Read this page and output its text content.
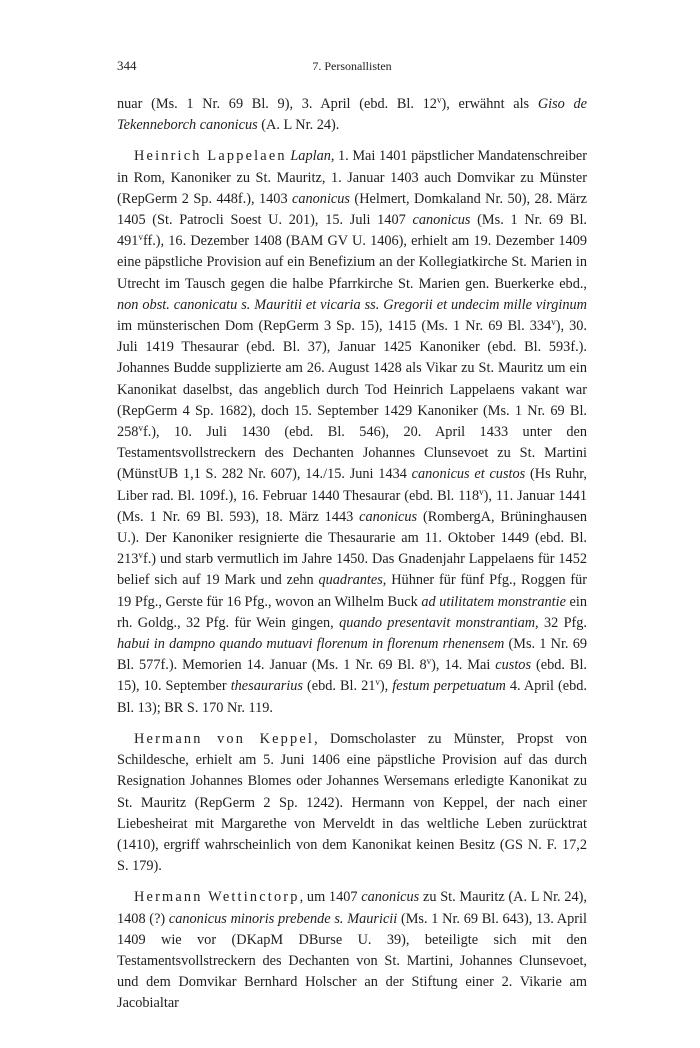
344	7. Personallisten

nuar (Ms. 1 Nr. 69 Bl. 9), 3. April (ebd. Bl. 12$^v$), erwähnt als Giso de Tekenneborch canonicus (A. L Nr. 24).

Heinrich Lappelaen Laplan, 1. Mai 1401 päpstlicher Mandatenschreiber in Rom, Kanoniker zu St. Mauritz, 1. Januar 1403 auch Domvikar zu Münster (RepGerm 2 Sp. 448f.), 1403 canonicus (Helmert, Domkaland Nr. 50), 28. März 1405 (St. Patrocli Soest U. 201), 15. Juli 1407 canonicus (Ms. 1 Nr. 69 Bl. 491$^v$ff.), 16. Dezember 1408 (BAM GV U. 1406), erhielt am 19. Dezember 1409 eine päpstliche Provision auf ein Benefizium an der Kollegiatkirche St. Marien in Utrecht im Tausch gegen die halbe Pfarrkirche St. Marien gen. Buerkerke ebd., non obst. canonicatu s. Mauritii et vicaria ss. Gregorii et undecim mille virginum im münsterischen Dom (RepGerm 3 Sp. 15), 1415 (Ms. 1 Nr. 69 Bl. 334$^v$), 30. Juli 1419 Thesaurar (ebd. Bl. 37), Januar 1425 Kanoniker (ebd. Bl. 593f.). Johannes Budde supplizierte am 26. August 1428 als Vikar zu St. Mauritz um ein Kanonikat daselbst, das angeblich durch Tod Heinrich Lappelaens vakant war (RepGerm 4 Sp. 1682), doch 15. September 1429 Kanoniker (Ms. 1 Nr. 69 Bl. 258$^v$f.), 10. Juli 1430 (ebd. Bl. 546), 20. April 1433 unter den Testamentsvollstreckern des Dechanten Johannes Clunsevoet zu St. Martini (MünstUB 1,1 S. 282 Nr. 607), 14./15. Juni 1434 canonicus et custos (Hs Ruhr, Liber rad. Bl. 109f.), 16. Februar 1440 Thesaurar (ebd. Bl. 118$^v$), 11. Januar 1441 (Ms. 1 Nr. 69 Bl. 593), 18. März 1443 canonicus (RombergA, Brüninghausen U.). Der Kanoniker resignierte die Thesaurarie am 11. Oktober 1449 (ebd. Bl. 213$^v$f.) und starb vermutlich im Jahre 1450. Das Gnadenjahr Lappelaens für 1452 belief sich auf 19 Mark und zehn quadrantes, Hühner für fünf Pfg., Roggen für 19 Pfg., Gerste für 16 Pfg., wovon an Wilhelm Buck ad utilitatem monstrantie ein rh. Goldg., 32 Pfg. für Wein gingen, quando presentavit monstrantiam, 32 Pfg. habui in dampno quando mutuavi florenum in florenum rhenensem (Ms. 1 Nr. 69 Bl. 577f.). Memorien 14. Januar (Ms. 1 Nr. 69 Bl. 8$^v$), 14. Mai custos (ebd. Bl. 15), 10. September thesaurarius (ebd. Bl. 21$^v$), festum perpetuatum 4. April (ebd. Bl. 13); BR S. 170 Nr. 119.

Hermann von Keppel, Domscholaster zu Münster, Propst von Schildesche, erhielt am 5. Juni 1406 eine päpstliche Provision auf das durch Resignation Johannes Blomes oder Johannes Wersemans erledigte Kanonikat zu St. Mauritz (RepGerm 2 Sp. 1242). Hermann von Keppel, der nach einer Liebesheirat mit Margarethe von Merveldt in das weltliche Leben zurücktrat (1410), ergriff wahrscheinlich von dem Kanonikat keinen Besitz (GS N. F. 17,2 S. 179).

Hermann Wettinctorp, um 1407 canonicus zu St. Mauritz (A. L Nr. 24), 1408 (?) canonicus minoris prebende s. Mauricii (Ms. 1 Nr. 69 Bl. 643), 13. April 1409 wie vor (DKapM DBurse U. 39), beteiligte sich mit den Testamentsvollstreckern des Dechanten von St. Martini, Johannes Clunsevoet, und dem Domvikar Bernhard Holscher an der Stiftung einer 2. Vikarie am Jacobialtar
